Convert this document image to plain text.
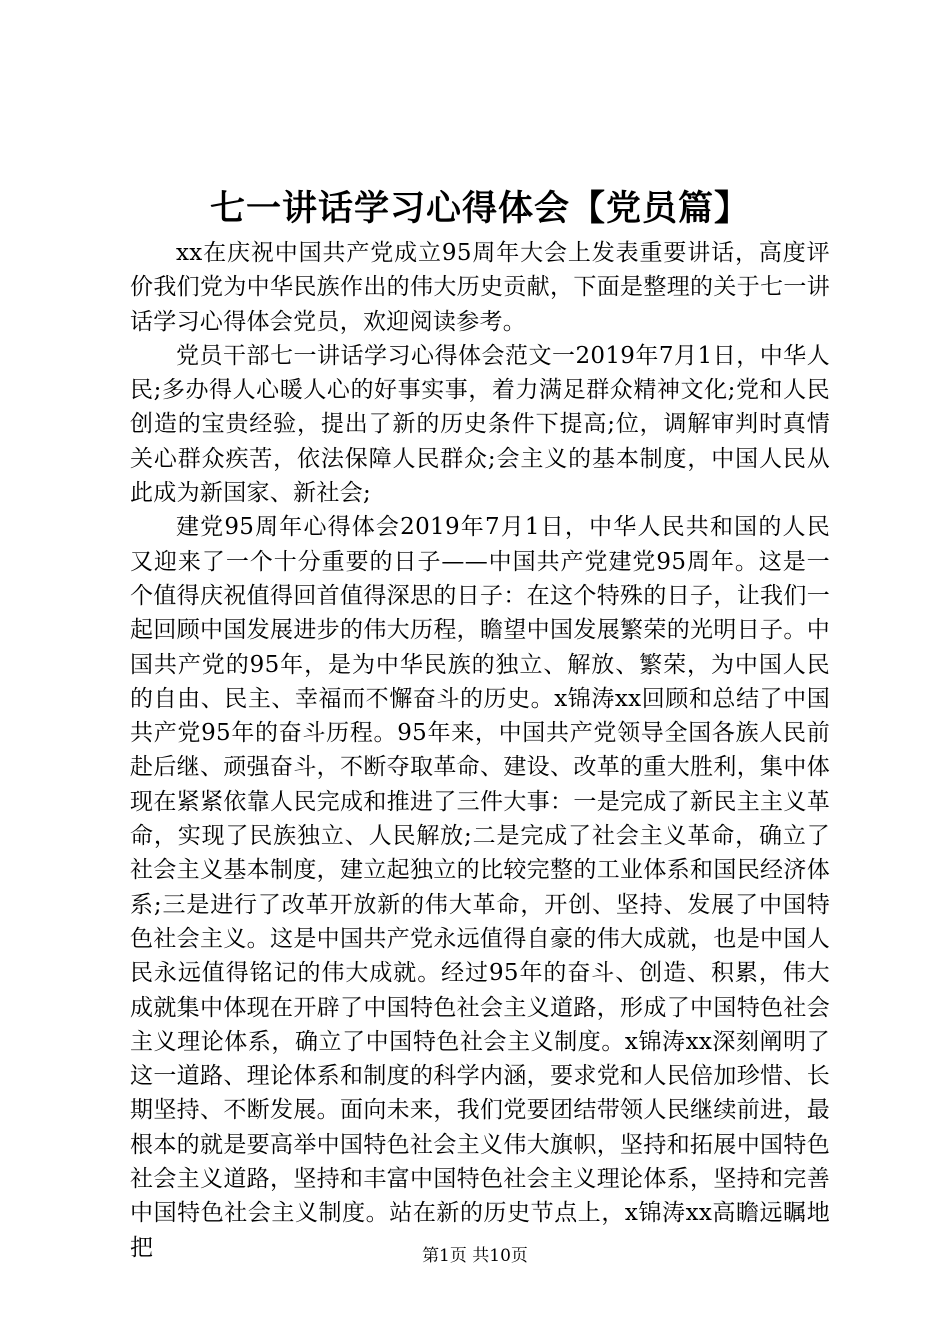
七一讲话学习心得体会【党员篇】

xx在庆祝中国共产党成立95周年大会上发表重要讲话，高度评价我们党为中华民族作出的伟大历史贡献，下面是整理的关于七一讲话学习心得体会党员，欢迎阅读参考。

党员干部七一讲话学习心得体会范文一2019年7月1日，中华人民;多办得人心暖人心的好事实事，着力满足群众精神文化;党和人民创造的宝贵经验，提出了新的历史条件下提高;位，调解审判时真情关心群众疾苦，依法保障人民群众;会主义的基本制度，中国人民从此成为新国家、新社会;

建党95周年心得体会2019年7月1日，中华人民共和国的人民又迎来了一个十分重要的日子——中国共产党建党95周年。这是一个值得庆祝值得回首值得深思的日子：在这个特殊的日子，让我们一起回顾中国发展进步的伟大历程，瞻望中国发展繁荣的光明日子。中国共产党的95年，是为中华民族的独立、解放、繁荣，为中国人民的自由、民主、幸福而不懈奋斗的历史。x锦涛xx回顾和总结了中国共产党95年的奋斗历程。95年来，中国共产党领导全国各族人民前赴后继、顽强奋斗，不断夺取革命、建设、改革的重大胜利，集中体现在紧紧依靠人民完成和推进了三件大事：一是完成了新民主主义革命，实现了民族独立、人民解放;二是完成了社会主义革命，确立了社会主义基本制度，建立起独立的比较完整的工业体系和国民经济体系;三是进行了改革开放新的伟大革命，开创、坚持、发展了中国特色社会主义。这是中国共产党永远值得自豪的伟大成就，也是中国人民永远值得铭记的伟大成就。经过95年的奋斗、创造、积累，伟大成就集中体现在开辟了中国特色社会主义道路，形成了中国特色社会主义理论体系，确立了中国特色社会主义制度。x锦涛xx深刻阐明了这一道路、理论体系和制度的科学内涵，要求党和人民倍加珍惜、长期坚持、不断发展。面向未来，我们党要团结带领人民继续前进，最根本的就是要高举中国特色社会主义伟大旗帜，坚持和拓展中国特色社会主义道路，坚持和丰富中国特色社会主义理论体系，坚持和完善中国特色社会主义制度。站在新的历史节点上，x锦涛xx高瞻远瞩地把	第1页 共10页
